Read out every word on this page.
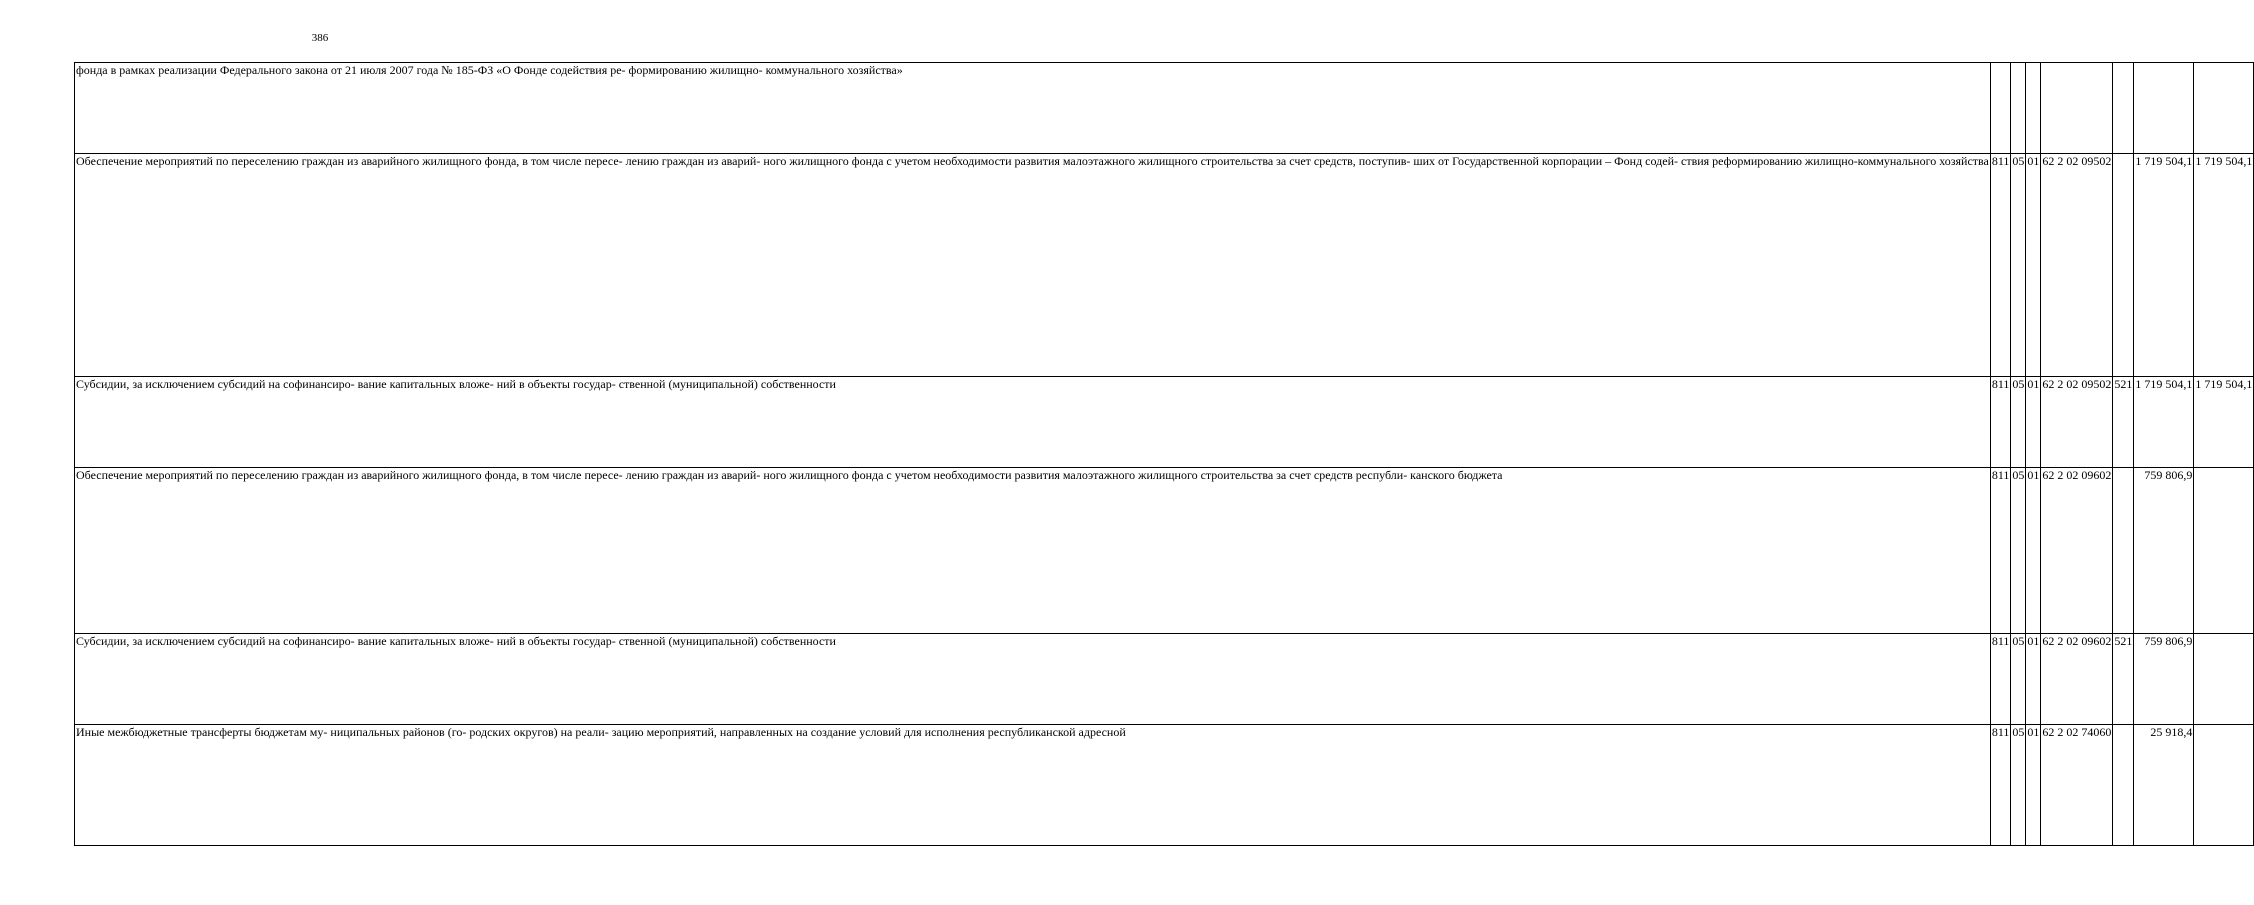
386
фонда в рамках реализации Федерального закона от 21 июля 2007 года № 185-ФЗ «О Фонде содействия ре- формированию жилищно- коммунального хозяйства»							
Обеспечение мероприятий по переселению граждан из аварийного жилищного фонда, в том числе пересе- лению граждан из аварий- ного жилищного фонда с учетом необходимости развития малоэтажного жилищного строительства за счет средств, поступив- ших от Государственной корпорации – Фонд содей- ствия реформированию жилищно-коммунального хозяйства	811	05	01	62 2 02 09502		1 719 504,1	1 719 504,1
Субсидии, за исключением субсидий на софинансиро- вание капитальных вложе- ний в объекты государ- ственной (муниципальной) собственности	811	05	01	62 2 02 09502	521	1 719 504,1	1 719 504,1
Обеспечение мероприятий по переселению граждан из аварийного жилищного фонда, в том числе пересе- лению граждан из аварий- ного жилищного фонда с учетом необходимости развития малоэтажного жилищного строительства за счет средств республи- канского бюджета	811	05	01	62 2 02 09602		759 806,9	
Субсидии, за исключением субсидий на софинансиро- вание капитальных вложе- ний в объекты государ- ственной (муниципальной) собственности	811	05	01	62 2 02 09602	521	759 806,9	
Иные межбюджетные трансферты бюджетам му- ниципальных районов (го- родских округов) на реали- зацию мероприятий, направленных на создание условий для исполнения республиканской адресной	811	05	01	62 2 02 74060		25 918,4	
